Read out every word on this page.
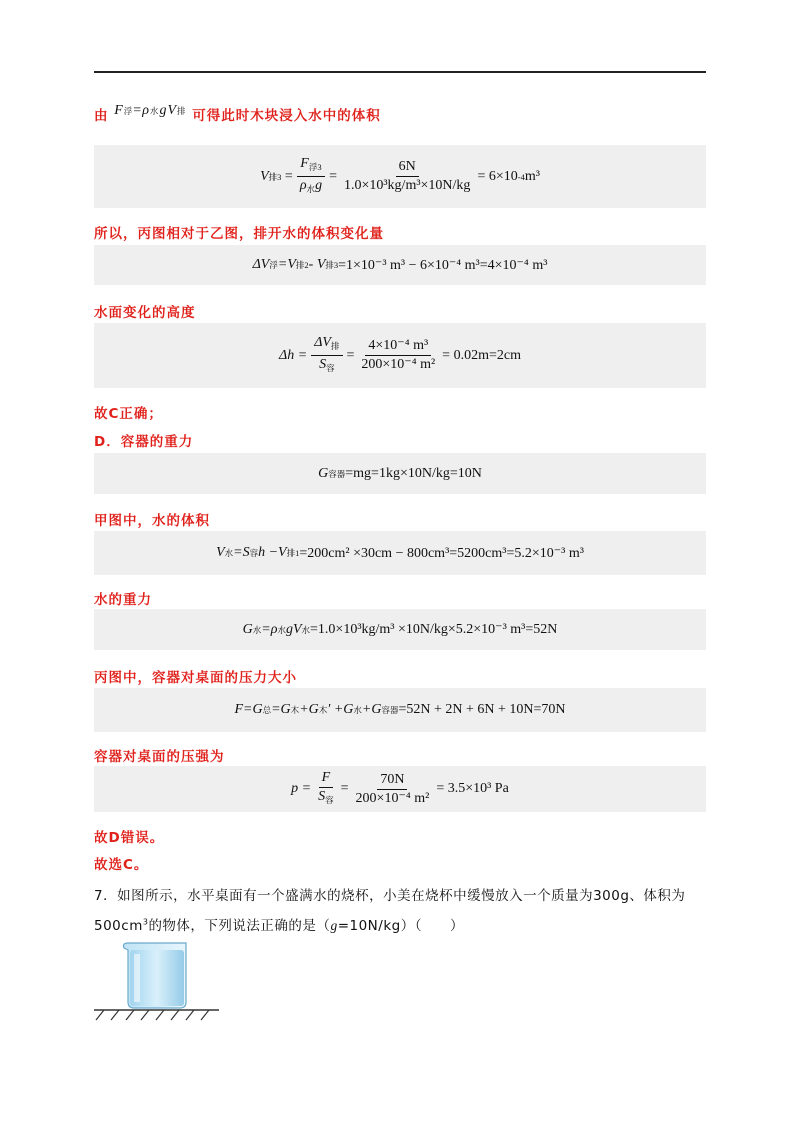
由 F 浮 = ρ 水 gV 排 可得此时木块浸入水中的体积
V 排$3 = \frac{F_{浮3}}{\rho_水g} = \frac{6N}{\text{1.0×10³kg/m³×10N/kg}} = 6\times 10$ -4 m³
所以，丙图相对于乙图，排开水的体积变化量
ΔV 浮 =V 排2 - V 排3 =1×10⁻³ m³ − 6×10⁻⁴ m³=4×10⁻⁴ m³
水面变化的高度
$\Delta h = \frac{\Delta V_排}{S_容} = \frac{\text{4×10⁻⁴ m³}}{\text{200×10⁻⁴ m²}} = 0.02m=2cm$
故C正确；
D．容器的重力
G 容器 =mg=1kg×10N/kg=10N
甲图中，水的体积
V 水 =S 容 h −V 排1 =200cm² ×30cm − 800cm³=5200cm³=5.2×10⁻³ m³
水的重力
G 水 =ρ 水 gV 水 =1.0×10³kg/m³ ×10N/kg×5.2×10⁻³ m³=52N
丙图中，容器对桌面的压力大小
F=G 总 =G 木 +G 木 ′ +G 水 +G 容器 =52N + 2N + 6N + 10N=70N
容器对桌面的压强为
$p = \frac{F}{S_容} = \frac{70N}{\text{200×10⁻⁴ m²}} = 3.5\times 10^3$ Pa
故D错误。
故选C。
7．如图所示，水平桌面有一个盛满水的烧杯，小美在烧杯中缓慢放入一个质量为300g、体积为
$500cm^3$的物体，下列说法正确的是（g=10N/kg）（　　）
